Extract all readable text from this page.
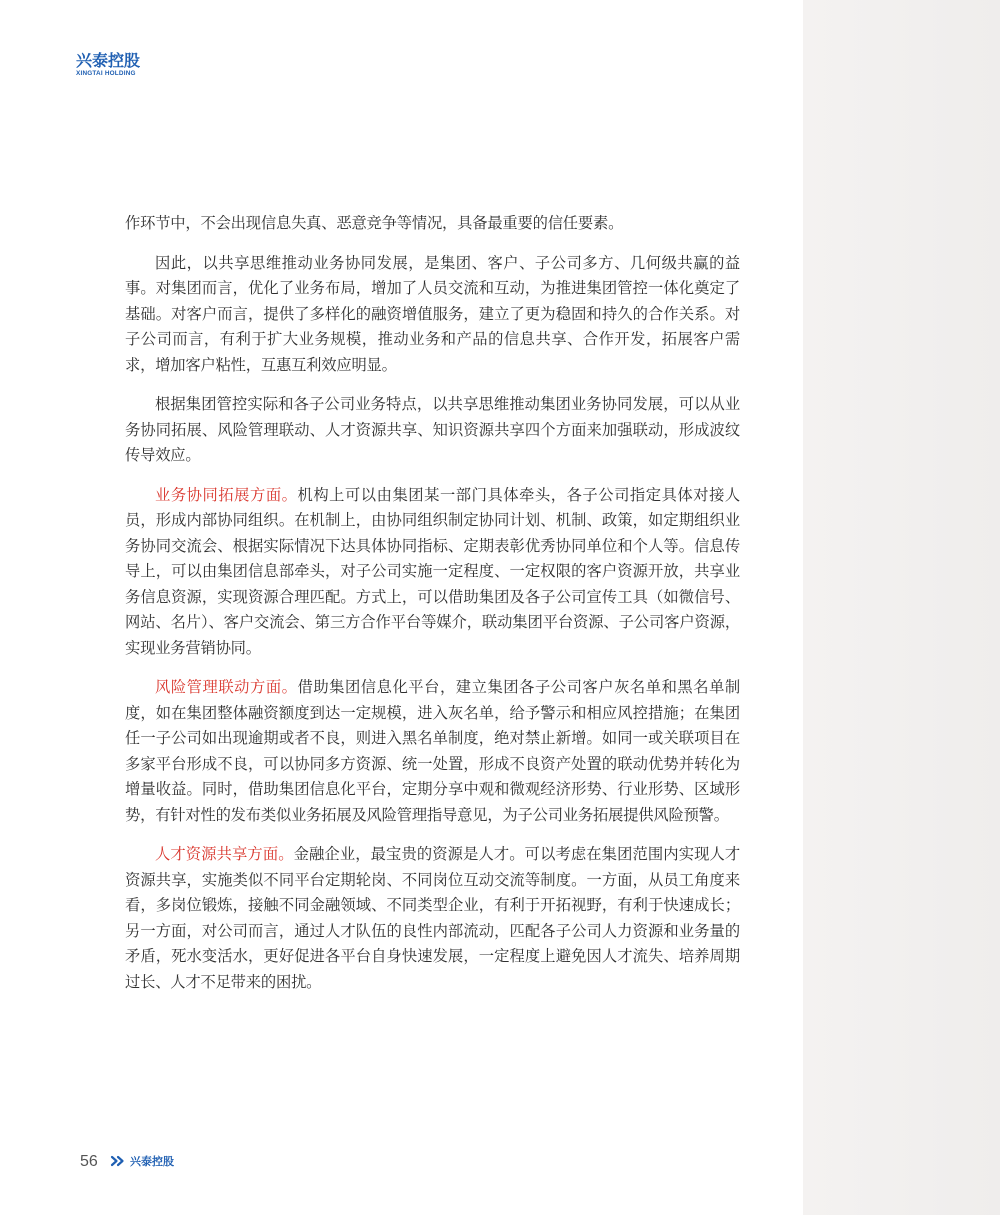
兴泰控股
XINGTAI HOLDING

作环节中，不会出现信息失真、恶意竞争等情况，具备最重要的信任要素。

因此，以共享思维推动业务协同发展，是集团、客户、子公司多方、几何级共赢的益事。对集团而言，优化了业务布局，增加了人员交流和互动，为推进集团管控一体化奠定了基础。对客户而言，提供了多样化的融资增值服务，建立了更为稳固和持久的合作关系。对子公司而言，有利于扩大业务规模，推动业务和产品的信息共享、合作开发，拓展客户需求，增加客户粘性，互惠互利效应明显。

根据集团管控实际和各子公司业务特点，以共享思维推动集团业务协同发展，可以从业务协同拓展、风险管理联动、人才资源共享、知识资源共享四个方面来加强联动，形成波纹传导效应。

业务协同拓展方面。机构上可以由集团某一部门具体牵头，各子公司指定具体对接人员，形成内部协同组织。在机制上，由协同组织制定协同计划、机制、政策，如定期组织业务协同交流会、根据实际情况下达具体协同指标、定期表彰优秀协同单位和个人等。信息传导上，可以由集团信息部牵头，对子公司实施一定程度、一定权限的客户资源开放，共享业务信息资源，实现资源合理匹配。方式上，可以借助集团及各子公司宣传工具（如微信号、网站、名片）、客户交流会、第三方合作平台等媒介，联动集团平台资源、子公司客户资源，实现业务营销协同。

风险管理联动方面。借助集团信息化平台，建立集团各子公司客户灰名单和黑名单制度，如在集团整体融资额度到达一定规模，进入灰名单，给予警示和相应风控措施；在集团任一子公司如出现逾期或者不良，则进入黑名单制度，绝对禁止新增。如同一或关联项目在多家平台形成不良，可以协同多方资源、统一处置，形成不良资产处置的联动优势并转化为增量收益。同时，借助集团信息化平台，定期分享中观和微观经济形势、行业形势、区域形势，有针对性的发布类似业务拓展及风险管理指导意见，为子公司业务拓展提供风险预警。

人才资源共享方面。金融企业，最宝贵的资源是人才。可以考虑在集团范围内实现人才资源共享，实施类似不同平台定期轮岗、不同岗位互动交流等制度。一方面，从员工角度来看，多岗位锻炼，接触不同金融领域、不同类型企业，有利于开拓视野，有利于快速成长；另一方面，对公司而言，通过人才队伍的良性内部流动，匹配各子公司人力资源和业务量的矛盾，死水变活水，更好促进各平台自身快速发展，一定程度上避免因人才流失、培养周期过长、人才不足带来的困扰。

56	兴泰控股
